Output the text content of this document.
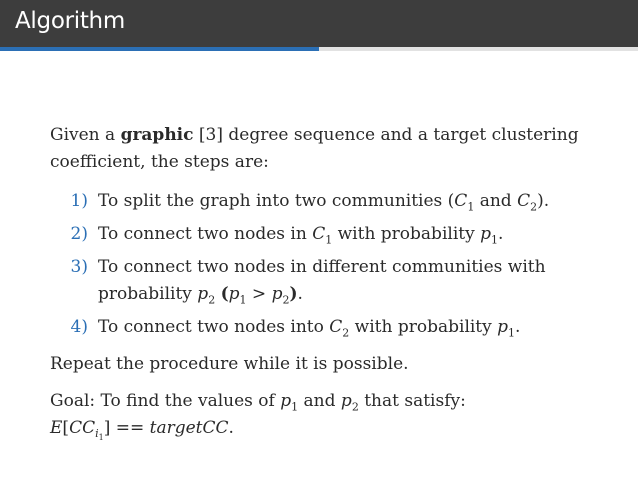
Algorithm

Given a graphic [3] degree sequence and a target clustering coefficient, the steps are:

1) To split the graph into two communities ($C_1$ and $C_2$).
2) To connect two nodes in $C_1$ with probability $p_1$.
3) To connect two nodes in different communities with probability $p_2$ $(p_1 > p_2)$.
4) To connect two nodes into $C_2$ with probability $p_1$.

Repeat the procedure while it is possible.

Goal: To find the values of $p_1$ and $p_2$ that satisfy:
$E[CC_{i_1}]$ == targetCC.
